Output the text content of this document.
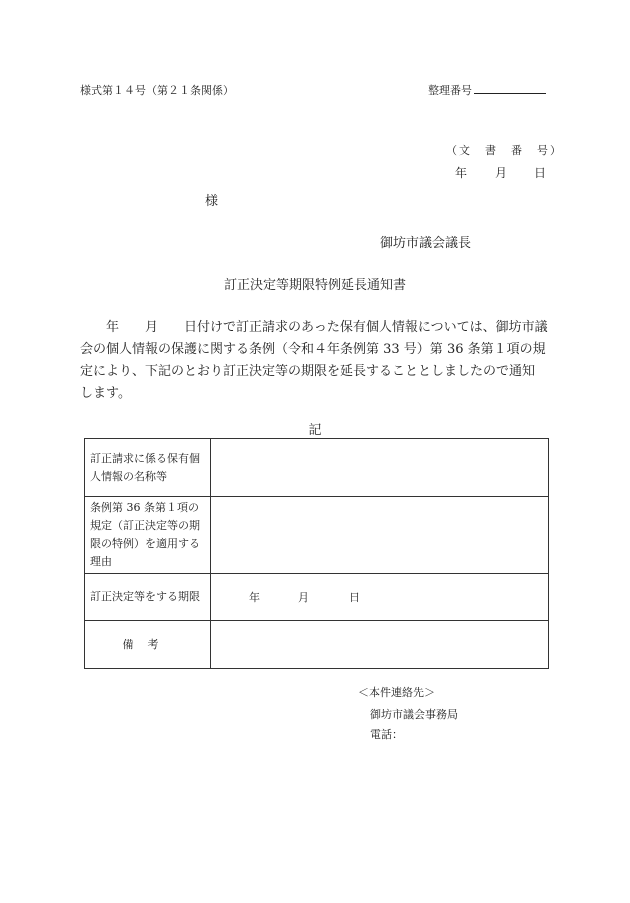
様式第１４号（第２１条関係）	整理番号
（文　書　番　号）
年 月 日
様
御坊市議会議長
訂正決定等期限特例延長通知書

年　　月　　日付けで訂正請求のあった保有個人情報については、御坊市議

会の個人情報の保護に関する条例（令和４年条例第 33 号）第 36 条第１項の規

定により、下記のとおり訂正決定等の期限を延長することとしましたので通知

します。

記
訂正請求に係る保有個人情報の名称等	
条例第 36 条第１項の規定（訂正決定等の期限の特例）を適用する理由	
訂正決定等をする期限	年 月 日
備考	
＜本件連絡先＞
御坊市議会事務局
電話：
